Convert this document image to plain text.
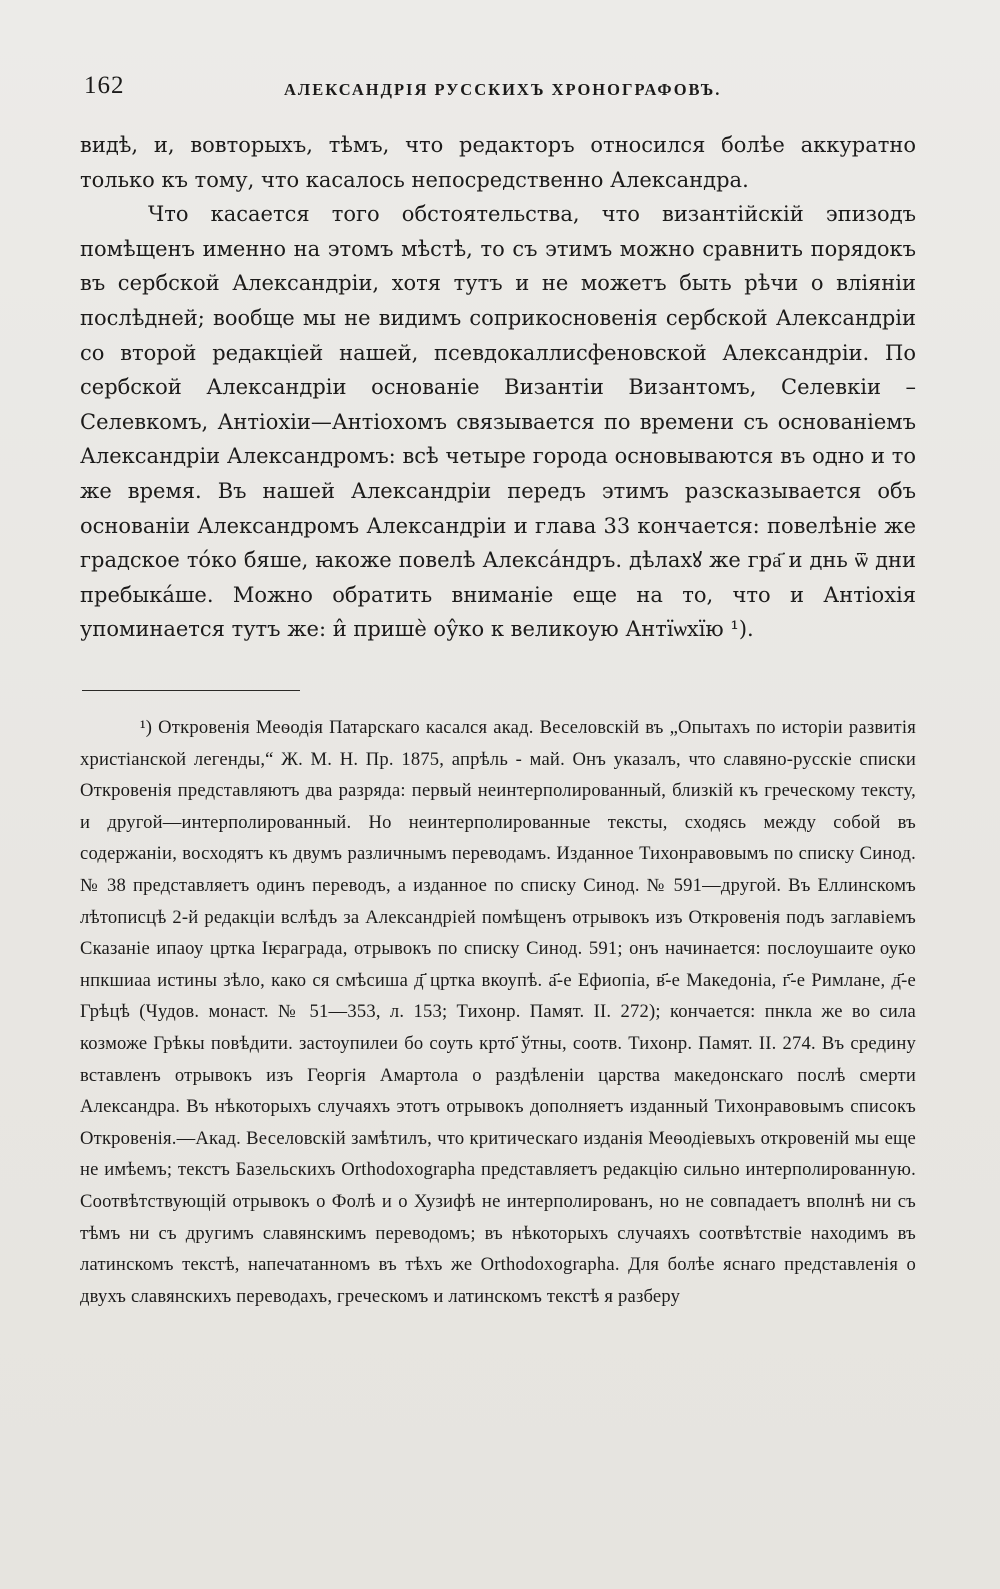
162	АЛЕКСАНДРІЯ РУССКИХЪ ХРОНОГРАФОВЪ.

видѣ, и, вовторыхъ, тѣмъ, что редакторъ относился болѣе аккуратно только къ тому, что касалось непосредственно Александра.

Что касается того обстоятельства, что византійскій эпизодъ помѣщенъ именно на этомъ мѣстѣ, то съ этимъ можно сравнить порядокъ въ сербской Александріи, хотя тутъ и не можетъ быть рѣчи о вліяніи послѣдней; вообще мы не видимъ соприкосновенія сербской Александріи со второй редакціей нашей, псевдокаллисфеновской Александріи. По сербской Александріи основаніе Византіи Византомъ, Селевкіи – Селевкомъ, Антіохіи—Антіохомъ связывается по времени съ основаніемъ Александріи Александромъ: всѣ четыре города основываются въ одно и то же время. Въ нашей Александріи передъ этимъ разсказывается объ основаніи Александромъ Александріи и глава 33 кончается: повелѣніе же градское то́ко бяше, ꙗкоже повелѣ Алекса́ндръ. дѣлахꙋ же гра҃ и днь ѿ дни пребыка́ше. Можно обратить вниманіе еще на то, что и Антіохія упоминается тутъ же: и̂ пришѐ оу̂ко к великоую Антїѡхїю ¹).

¹) Откровенія Меѳодія Патарскаго касался акад. Веселовскій въ „Опытахъ по исторіи развитія христіанской легенды,“ Ж. М. Н. Пр. 1875, апрѣль - май. Онъ указалъ, что славяно-русскіе списки Откровенія представляютъ два разряда: первый неинтерполированный, близкій къ греческому тексту, и другой—интерполированный. Но неинтерполированные тексты, сходясь между собой въ содержаніи, восходятъ къ двумъ различнымъ переводамъ. Изданное Тихонравовымъ по списку Синод. № 38 представляетъ одинъ переводъ, а изданное по списку Синод. № 591—другой. Въ Еллинскомъ лѣтописцѣ 2-й редакціи вслѣдъ за Александріей помѣщенъ отрывокъ изъ Откровенія подъ заглавіемъ Сказаніе ипаоу црткa Iѥрагрaда, отрывокъ по списку Синод. 591; онъ начинается: послоушаите оуко нпкшиаа истины зѣло, како ся смѣсиша д҃ црткa вкоупѣ. а҃-е Ефиопіа, в҃-е Македоніа, г҃-е Римлане, д҃-е Грѣцѣ (Чудов. монаст. № 51—353, л. 153; Тихонр. Памят. II. 272); кончается: пнклa же во сила козможе Грѣкы повѣдити. застоупилеи бо соуть крто҃ ўтны, соотв. Тихонр. Памят. II. 274. Въ средину вставленъ отрывокъ изъ Георгія Амартола о раздѣленіи царства македонскаго послѣ смерти Александра. Въ нѣкоторыхъ случаяхъ этотъ отрывокъ дополняетъ изданный Тихонравовымъ списокъ Откровенія.—Акад. Веселовскій замѣтилъ, что критическаго изданія Меѳодіевыхъ откровеній мы еще не имѣемъ; текстъ Базельскихъ Orthodoxographa представляетъ редакцію сильно интерполированную. Соотвѣтствующій отрывокъ о Фолѣ и о Хузифѣ не интерполированъ, но не совпадаетъ вполнѣ ни съ тѣмъ ни съ другимъ славянскимъ переводомъ; въ нѣкоторыхъ случаяхъ соотвѣтствіе находимъ въ латинскомъ текстѣ, напечатанномъ въ тѣхъ же Orthodoxographa. Для болѣе яснаго представленія о двухъ славянскихъ переводахъ, греческомъ и латинскомъ текстѣ я разберу
